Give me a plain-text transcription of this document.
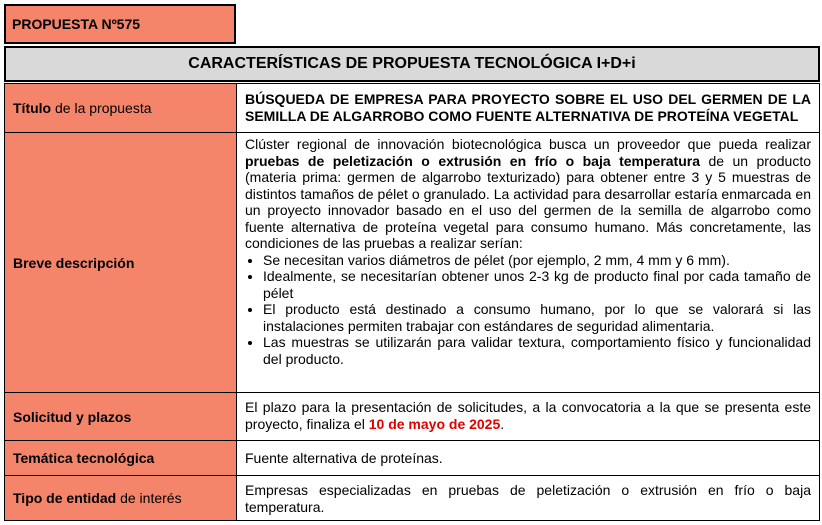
PROPUESTA Nº575
CARACTERÍSTICAS DE PROPUESTA TECNOLÓGICA I+D+i
Título de la propuesta
BÚSQUEDA DE EMPRESA PARA PROYECTO SOBRE EL USO DEL GERMEN DE LA SEMILLA DE ALGARROBO COMO FUENTE ALTERNATIVA DE PROTEÍNA VEGETAL
Breve descripción
Clúster regional de innovación biotecnológica busca un proveedor que pueda realizar pruebas de peletización o extrusión en frío o baja temperatura de un producto (materia prima: germen de algarrobo texturizado) para obtener entre 3 y 5 muestras de distintos tamaños de pélet o granulado. La actividad para desarrollar estaría enmarcada en un proyecto innovador basado en el uso del germen de la semilla de algarrobo como fuente alternativa de proteína vegetal para consumo humano. Más concretamente, las condiciones de las pruebas a realizar serían:
• Se necesitan varios diámetros de pélet (por ejemplo, 2 mm, 4 mm y 6 mm).
• Idealmente, se necesitarían obtener unos 2-3 kg de producto final por cada tamaño de pélet
• El producto está destinado a consumo humano, por lo que se valorará si las instalaciones permiten trabajar con estándares de seguridad alimentaria.
• Las muestras se utilizarán para validar textura, comportamiento físico y funcionalidad del producto.
Solicitud y plazos
El plazo para la presentación de solicitudes, a la convocatoria a la que se presenta este proyecto, finaliza el 10 de mayo de 2025.
Temática tecnológica	Fuente alternativa de proteínas.
Tipo de entidad de interés	Empresas especializadas en pruebas de peletización o extrusión en frío o baja temperatura.
